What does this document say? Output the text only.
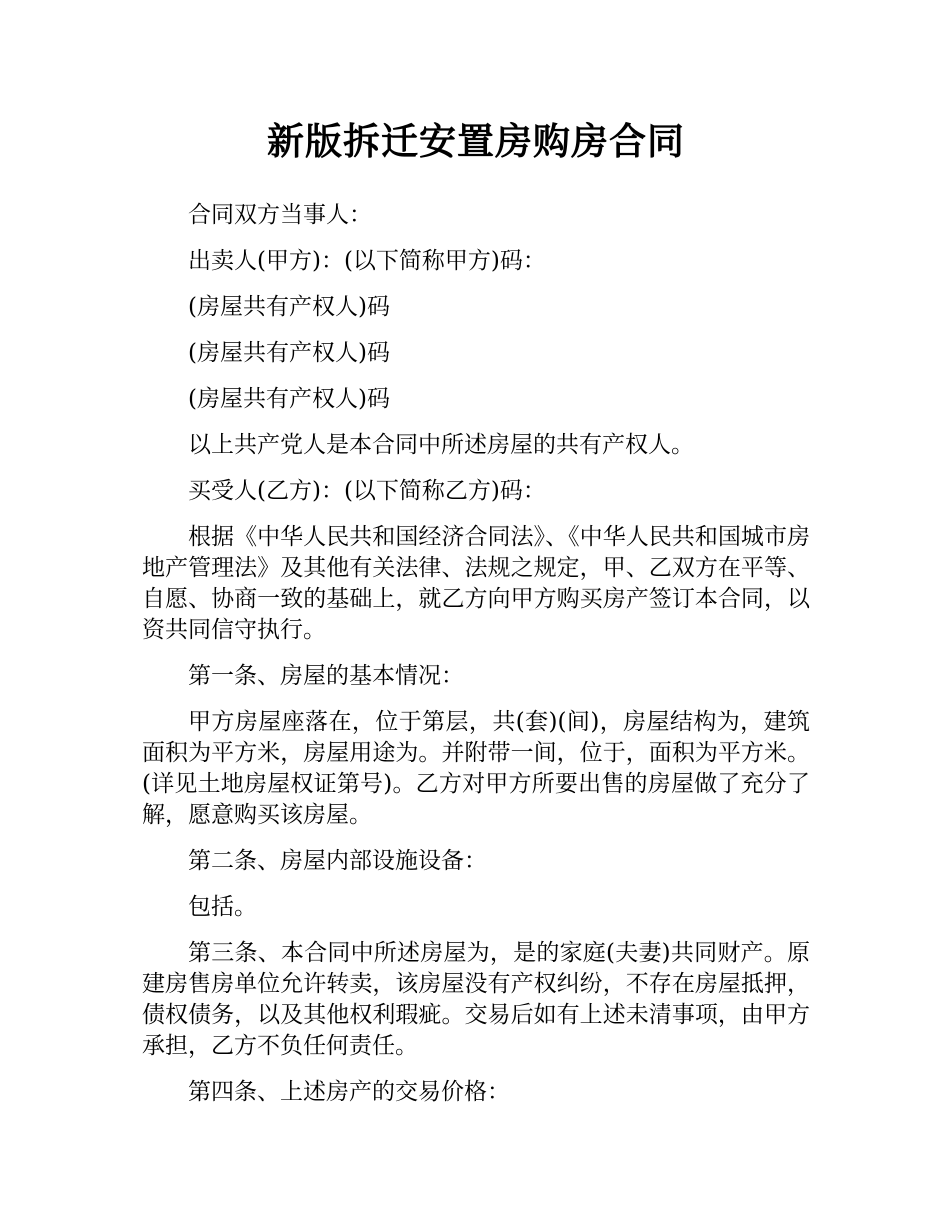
新版拆迁安置房购房合同

合同双方当事人：

出卖人(甲方)：(以下简称甲方)码：

(房屋共有产权人)码

(房屋共有产权人)码

(房屋共有产权人)码

以上共产党人是本合同中所述房屋的共有产权人。

买受人(乙方)：(以下简称乙方)码：

根据《中华人民共和国经济合同法》、《中华人民共和国城市房地产管理法》及其他有关法律、法规之规定，甲、乙双方在平等、自愿、协商一致的基础上，就乙方向甲方购买房产签订本合同，以资共同信守执行。

第一条、房屋的基本情况：

甲方房屋座落在，位于第层，共(套)(间)，房屋结构为，建筑面积为平方米，房屋用途为。并附带一间，位于，面积为平方米。(详见土地房屋权证第号)。乙方对甲方所要出售的房屋做了充分了解，愿意购买该房屋。

第二条、房屋内部设施设备：

包括。

第三条、本合同中所述房屋为，是的家庭(夫妻)共同财产。原建房售房单位允许转卖，该房屋没有产权纠纷，不存在房屋抵押，债权债务，以及其他权利瑕疵。交易后如有上述未清事项，由甲方承担，乙方不负任何责任。

第四条、上述房产的交易价格：
